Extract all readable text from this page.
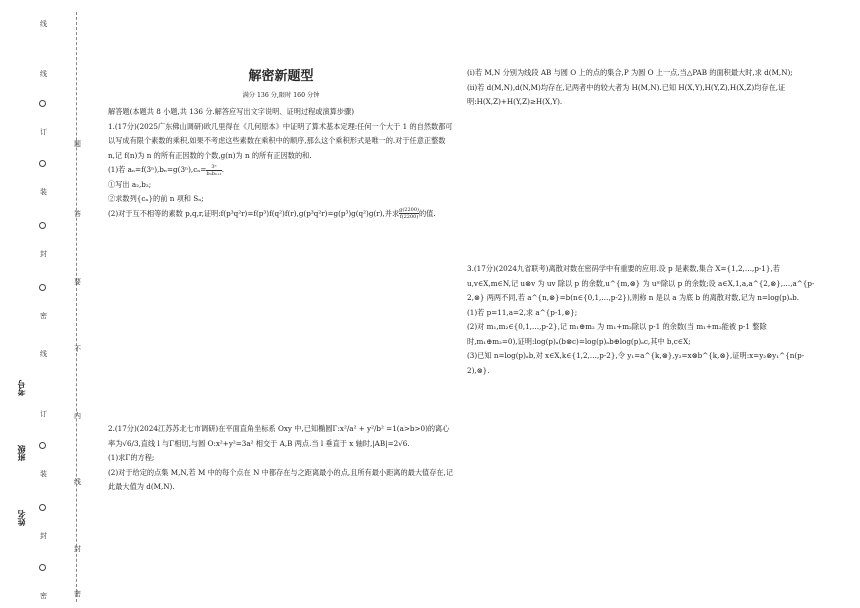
线
订
装
封
密
线
订
装
封
密
题
答
要
不
内
线
封
密
线
考号
班级
姓名
解密新题型
满分 136 分,限时 160 分钟

解答题(本题共 8 小题,共 136 分.解答应写出文字说明、证明过程或演算步骤)

1.(17分)(2025广东佛山调研)欧几里得在《几何原本》中证明了算术基本定理:任何一个大于 1 的自然数都可以写成有限个素数的乘积,如果不考虑这些素数在乘积中的顺序,那么这个乘积形式是唯一的.对于任意正整数 n,记 f(n)为 n 的所有正因数的个数,g(n)为 n 的所有正因数的和.

(1)若 $a_n=f(3^n),b_n=g(3^n),c_n= \frac{\text{3ⁿ}}{\text{bₙbₙ₊₁}}$ .

①写出 a₂,b₂;

②求数列{cₙ}的前 n 项和 Sₙ;

(2)对于互不相等的素数 p,q,r,证明:f(p³q²r)=f(p³)f(q²)f(r),g(p³q²r)=g(p³)g(q²)g(r),并求 $\frac{g(2200)}{f(2200)}$ 的值.

2.(17分)(2024江苏苏北七市调研)在平面直角坐标系 Oxy 中,已知椭圆Γ:x²/a² + y²/b² =1(a>b>0)的离心率为√6/3,直线 l 与Γ相切,与圆 O:x²+y²=3a² 相交于 A,B 两点.当 l 垂直于 x 轴时,|AB|=2√6.

(1)求Γ的方程;

(2)对于给定的点集 M,N,若 M 中的每个点在 N 中都存在与之距离最小的点,且所有最小距离的最大值存在,记此最大值为 d(M,N).

(i)若 M,N 分别为线段 AB 与圆 O 上的点的集合,P 为圆 O 上一点,当△PAB 的面积最大时,求 d(M,N);

(ii)若 d(M,N),d(N,M)均存在,记两者中的较大者为 H(M,N).已知 H(X,Y),H(Y,Z),H(X,Z)均存在,证明:H(X,Z)+H(Y,Z)≥H(X,Y).

3.(17分)(2024九省联考)离散对数在密码学中有重要的应用.设 p 是素数,集合 X={1,2,…,p-1},若 u,v∈X,m∈N,记 u⊗v 为 uv 除以 p 的余数,u^{m,⊗} 为 uᵐ除以 p 的余数;设 a∈X,1,a,a^{2,⊗},…,a^{p-2,⊗} 两两不同,若 a^{n,⊗}=b(n∈{0,1,…,p-2}),则称 n 是以 a 为底 b 的离散对数,记为 n=log(p)ₐb.

(1)若 p=11,a=2,求 a^{p-1,⊗};

(2)对 m₁,m₂∈{0,1,…,p-2},记 m₁⊕m₂ 为 m₁+m₂除以 p-1 的余数(当 m₁+m₂能被 p-1 整除时,m₁⊕m₂=0),证明:log(p)ₐ(b⊗c)=log(p)ₐb⊕log(p)ₐc,其中 b,c∈X;

(3)已知 n=log(p)ₐb,对 x∈X,k∈{1,2,…,p-2},令 y₁=a^{k,⊗},y₂=x⊗b^{k,⊗},证明:x=y₂⊗y₁^{n(p-2),⊗}.
